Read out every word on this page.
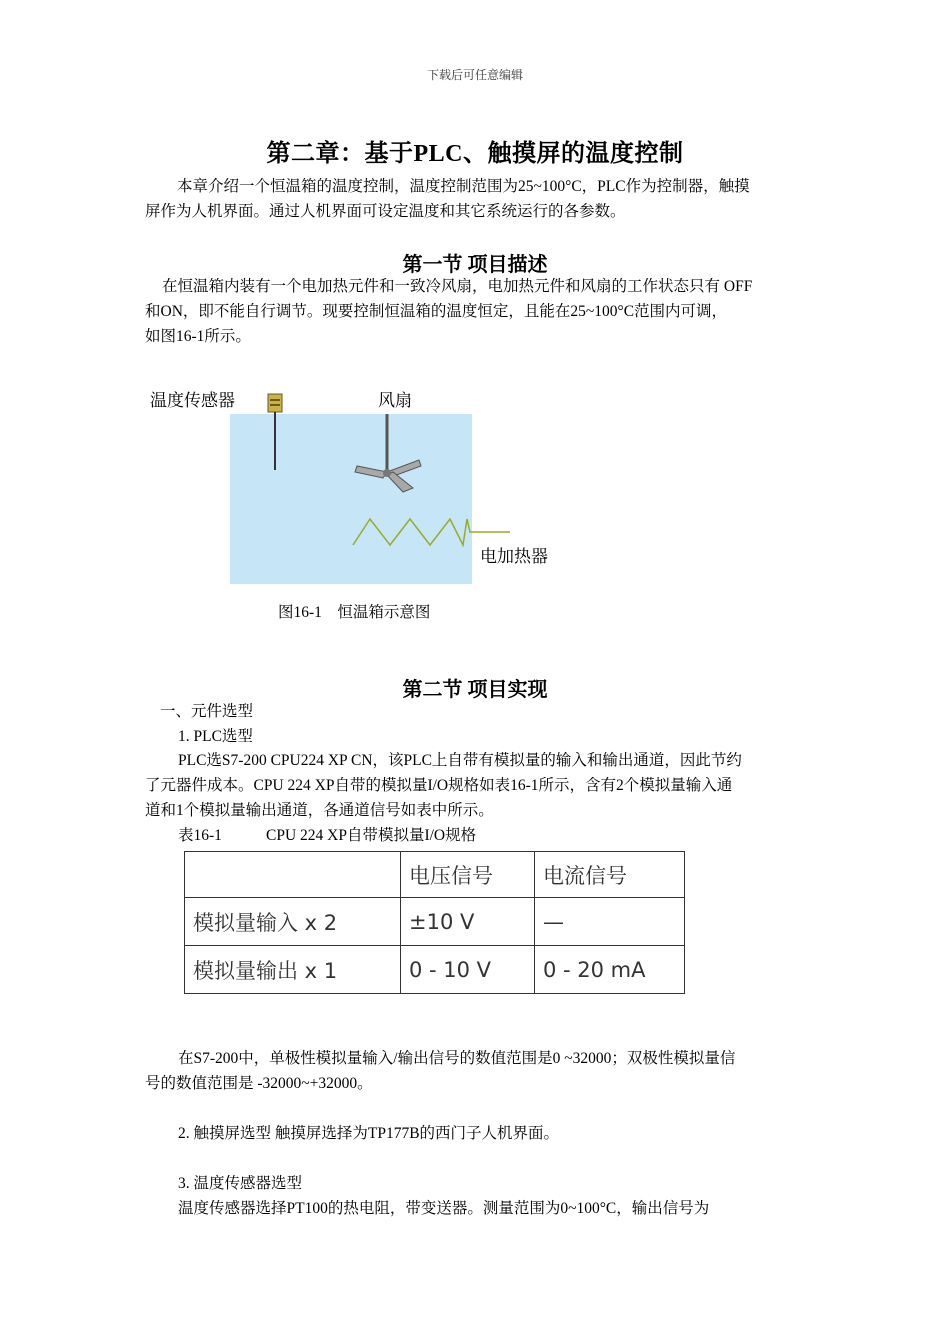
下载后可任意编辑
第二章：基于PLC、触摸屏的温度控制
本章介绍一个恒温箱的温度控制，温度控制范围为25~100°C，PLC作为控制器，触摸
屏作为人机界面。通过人机界面可设定温度和其它系统运行的各参数。
第一节 项目描述
在恒温箱内装有一个电加热元件和一致冷风扇，电加热元件和风扇的工作状态只有 OFF
和ON，即不能自行调节。现要控制恒温箱的温度恒定，且能在25~100°C范围内可调，
如图16-1所示。
温度传感器	风扇
电加热器
图16-1    恒温箱示意图
第二节 项目实现
一、元件选型
1. PLC选型
PLC选S7-200 CPU224 XP CN，该PLC上自带有模拟量的输入和输出通道，因此节约
了元器件成本。CPU 224 XP自带的模拟量I/O规格如表16-1所示，含有2个模拟量输入通
道和1个模拟量输出通道，各通道信号如表中所示。
表16-1	CPU 224 XP自带模拟量I/O规格
	电压信号	电流信号
模拟量输入 x 2	±10 V	—
模拟量输出 x 1	0 - 10 V	0 - 20 mA
在S7-200中，单极性模拟量输入/输出信号的数值范围是0 ~32000；双极性模拟量信
号的数值范围是 -32000~+32000。
2. 触摸屏选型 触摸屏选择为TP177B的西门子人机界面。
3. 温度传感器选型
温度传感器选择PT100的热电阻，带变送器。测量范围为0~100°C，输出信号为
